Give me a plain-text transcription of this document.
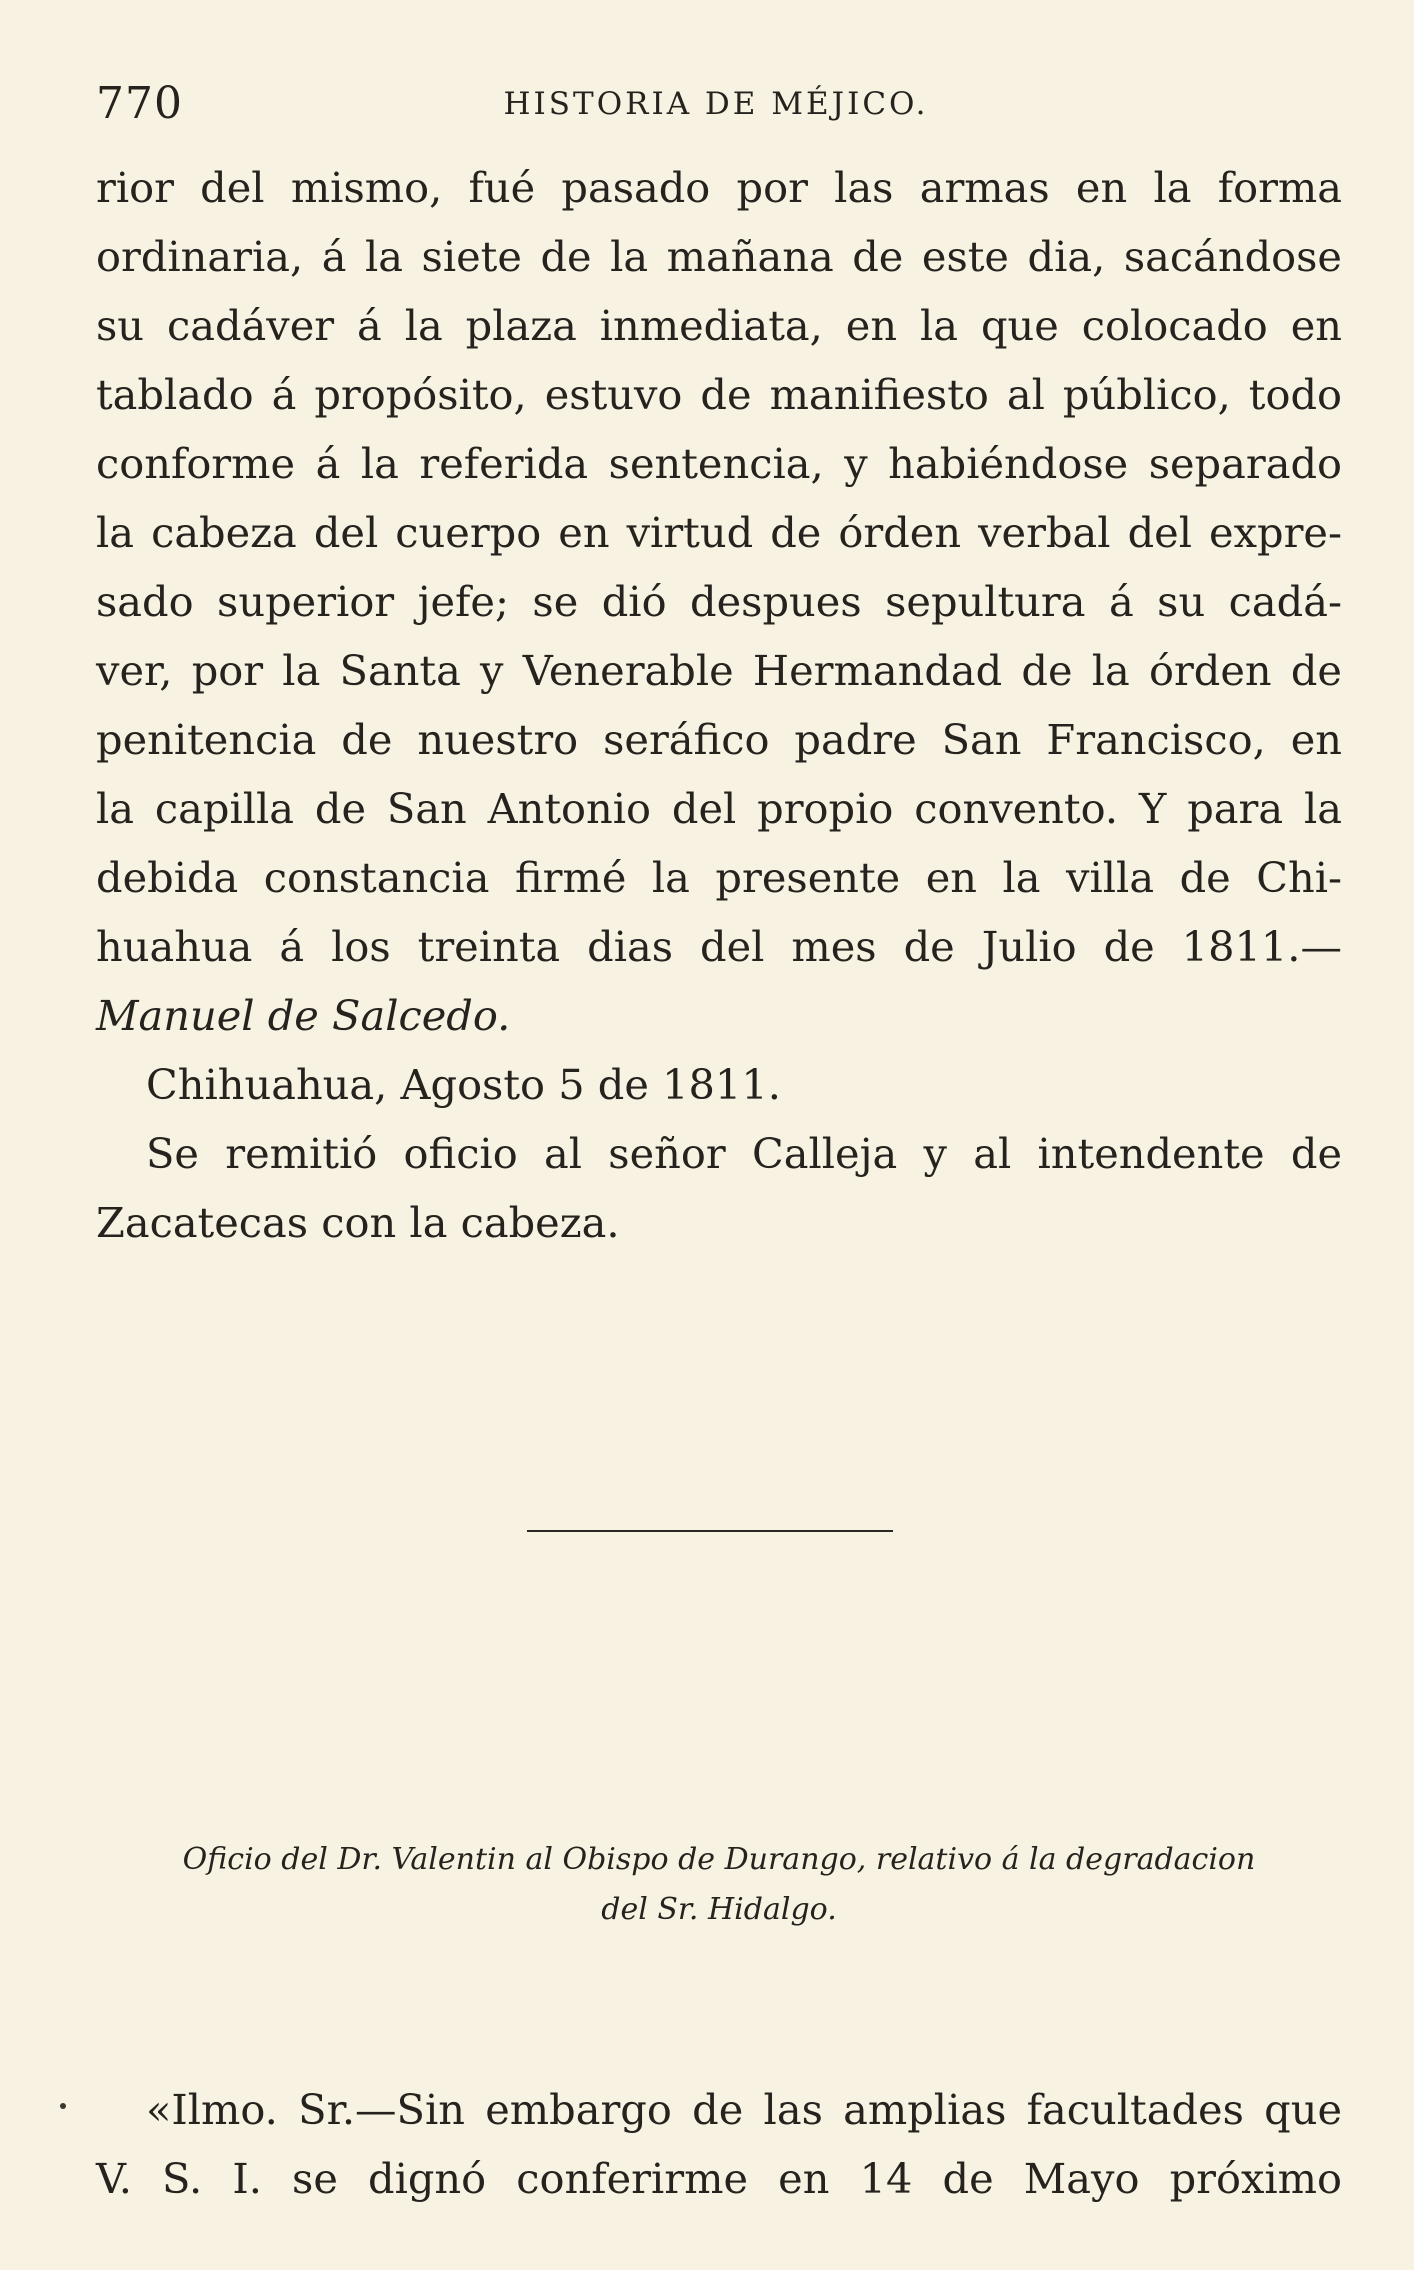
770	HISTORIA DE MÉJICO.
rior del mismo, fué pasado por las armas en la forma
ordinaria, á la siete de la mañana de este dia, sacándose
su cadáver á la plaza inmediata, en la que colocado en
tablado á propósito, estuvo de manifiesto al público, todo
conforme á la referida sentencia, y habiéndose separado
la cabeza del cuerpo en virtud de órden verbal del expre-
sado superior jefe; se dió despues sepultura á su cadá-
ver, por la Santa y Venerable Hermandad de la órden de
penitencia de nuestro seráfico padre San Francisco, en
la capilla de San Antonio del propio convento. Y para la
debida constancia firmé la presente en la villa de Chi-
huahua á los treinta dias del mes de Julio de 1811.—
Manuel de Salcedo.
Chihuahua, Agosto 5 de 1811.
Se remitió oficio al señor Calleja y al intendente de
Zacatecas con la cabeza.
Oficio del Dr. Valentin al Obispo de Durango, relativo á la degradacion
del Sr. Hidalgo.
«Ilmo. Sr.—Sin embargo de las amplias facultades que
V. S. I. se dignó conferirme en 14 de Mayo próximo
